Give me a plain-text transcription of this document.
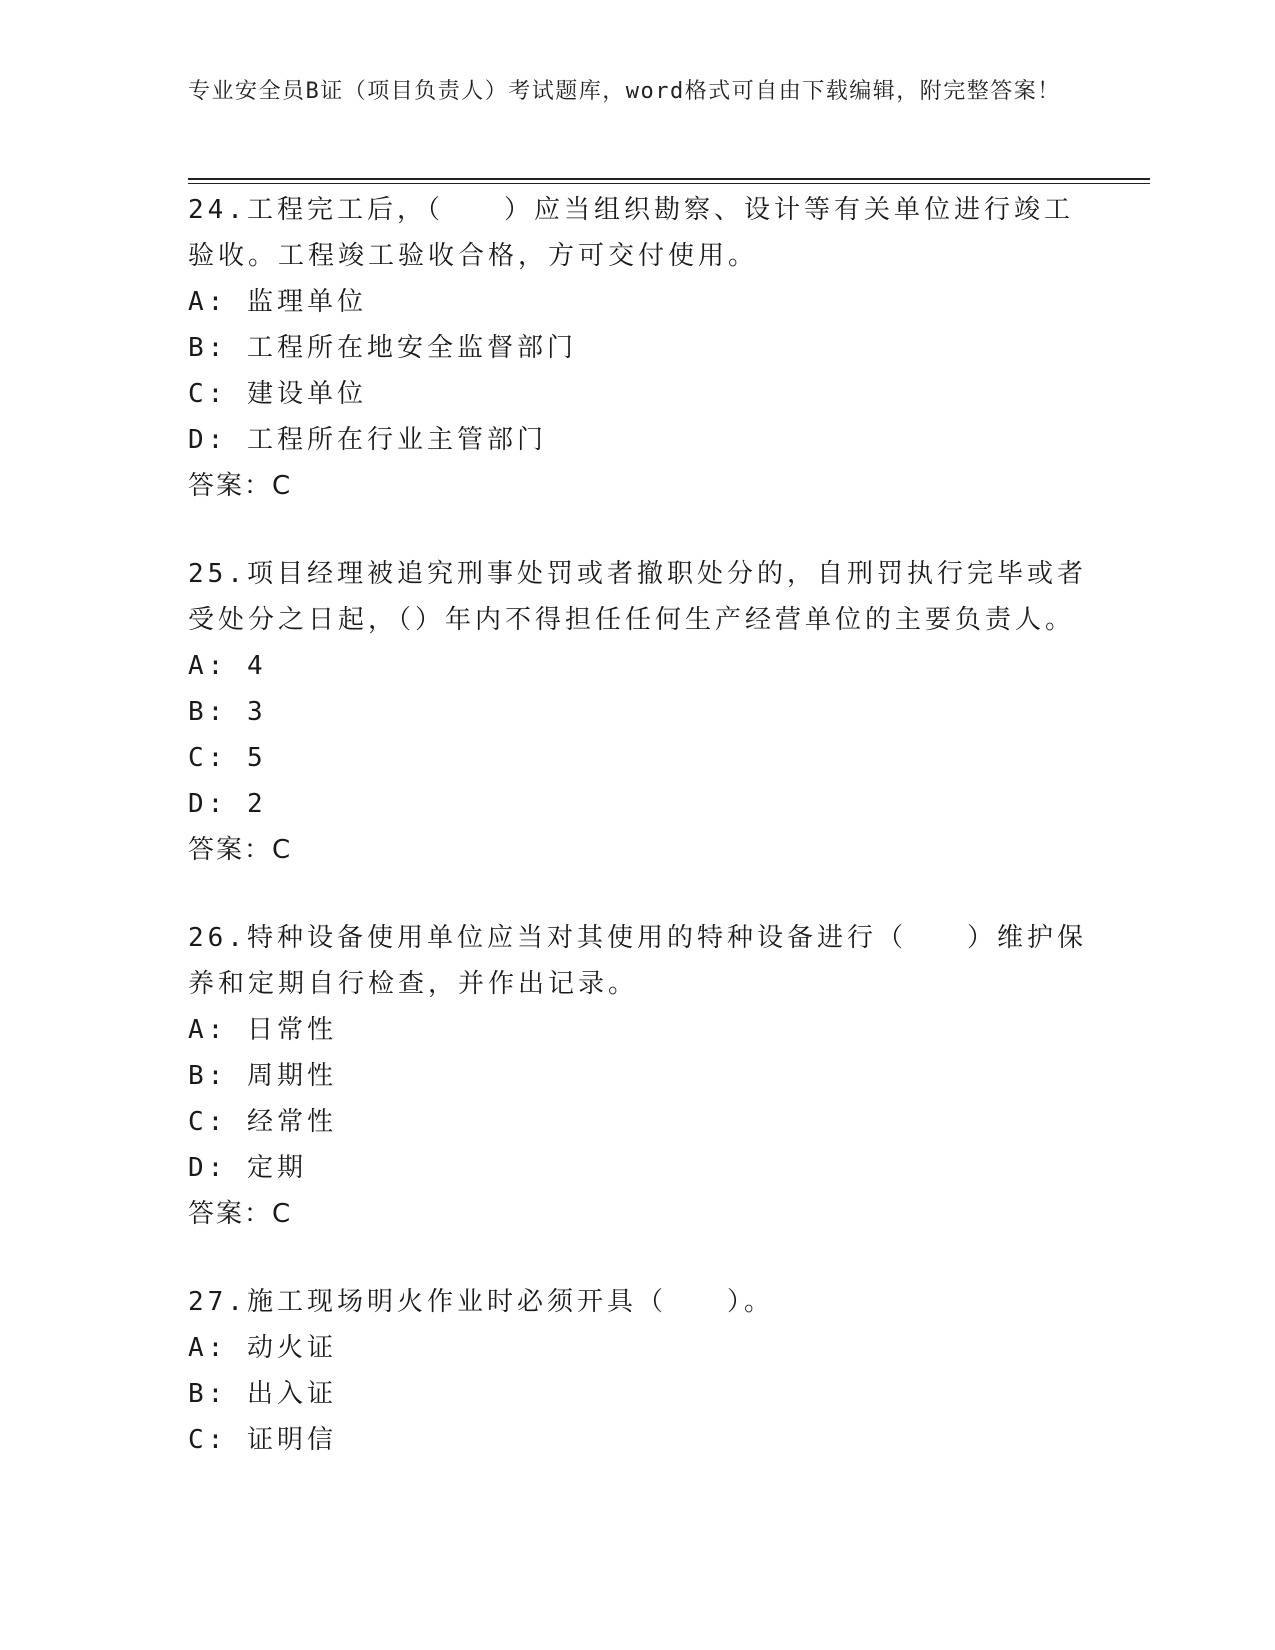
专业安全员B证（项目负责人）考试题库，word格式可自由下载编辑，附完整答案！

24.工程完工后，（　　）应当组织勘察、设计等有关单位进行竣工验收。工程竣工验收合格，方可交付使用。

A: 监理单位

B: 工程所在地安全监督部门

C: 建设单位

D: 工程所在行业主管部门

答案：C

25.项目经理被追究刑事处罚或者撤职处分的，自刑罚执行完毕或者受处分之日起，（）年内不得担任任何生产经营单位的主要负责人。

A: 4

B: 3

C: 5

D: 2

答案：C

26.特种设备使用单位应当对其使用的特种设备进行（　　）维护保养和定期自行检查，并作出记录。

A: 日常性

B: 周期性

C: 经常性

D: 定期

答案：C

27.施工现场明火作业时必须开具（　　）。

A: 动火证

B: 出入证

C: 证明信
